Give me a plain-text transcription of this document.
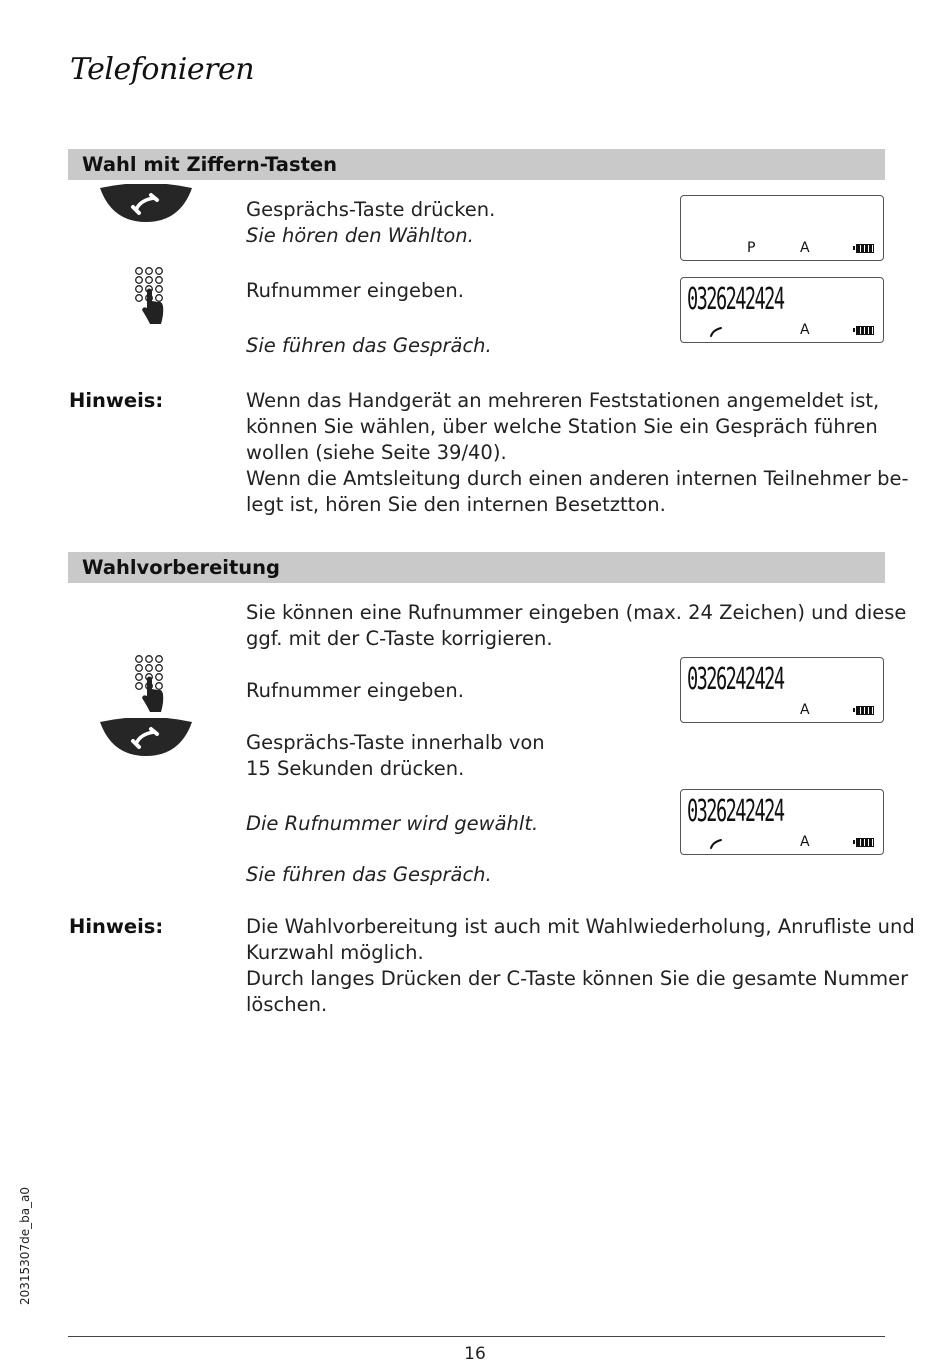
Telefonieren
Wahl mit Ziffern-Tasten
Gesprächs-Taste drücken.
Sie hören den Wählton.
Rufnummer eingeben.
Sie führen das Gespräch.
P	A
0326242424
A
Hinweis:	Wenn das Handgerät an mehreren Feststationen angemeldet ist,
können Sie wählen, über welche Station Sie ein Gespräch führen
wollen (siehe Seite 39/40).
Wenn die Amtsleitung durch einen anderen internen Teilnehmer be-
legt ist, hören Sie den internen Besetztton.
Wahlvorbereitung
Sie können eine Rufnummer eingeben (max. 24 Zeichen) und diese
ggf. mit der C-Taste korrigieren.
Rufnummer eingeben.
Gesprächs-Taste innerhalb von
15 Sekunden drücken.
Die Rufnummer wird gewählt.
Sie führen das Gespräch.
0326242424
A
0326242424
A
Hinweis:	Die Wahlvorbereitung ist auch mit Wahlwiederholung, Anrufliste und
Kurzwahl möglich.
Durch langes Drücken der C-Taste können Sie die gesamte Nummer
löschen.
20315307de_ba_a0
16
